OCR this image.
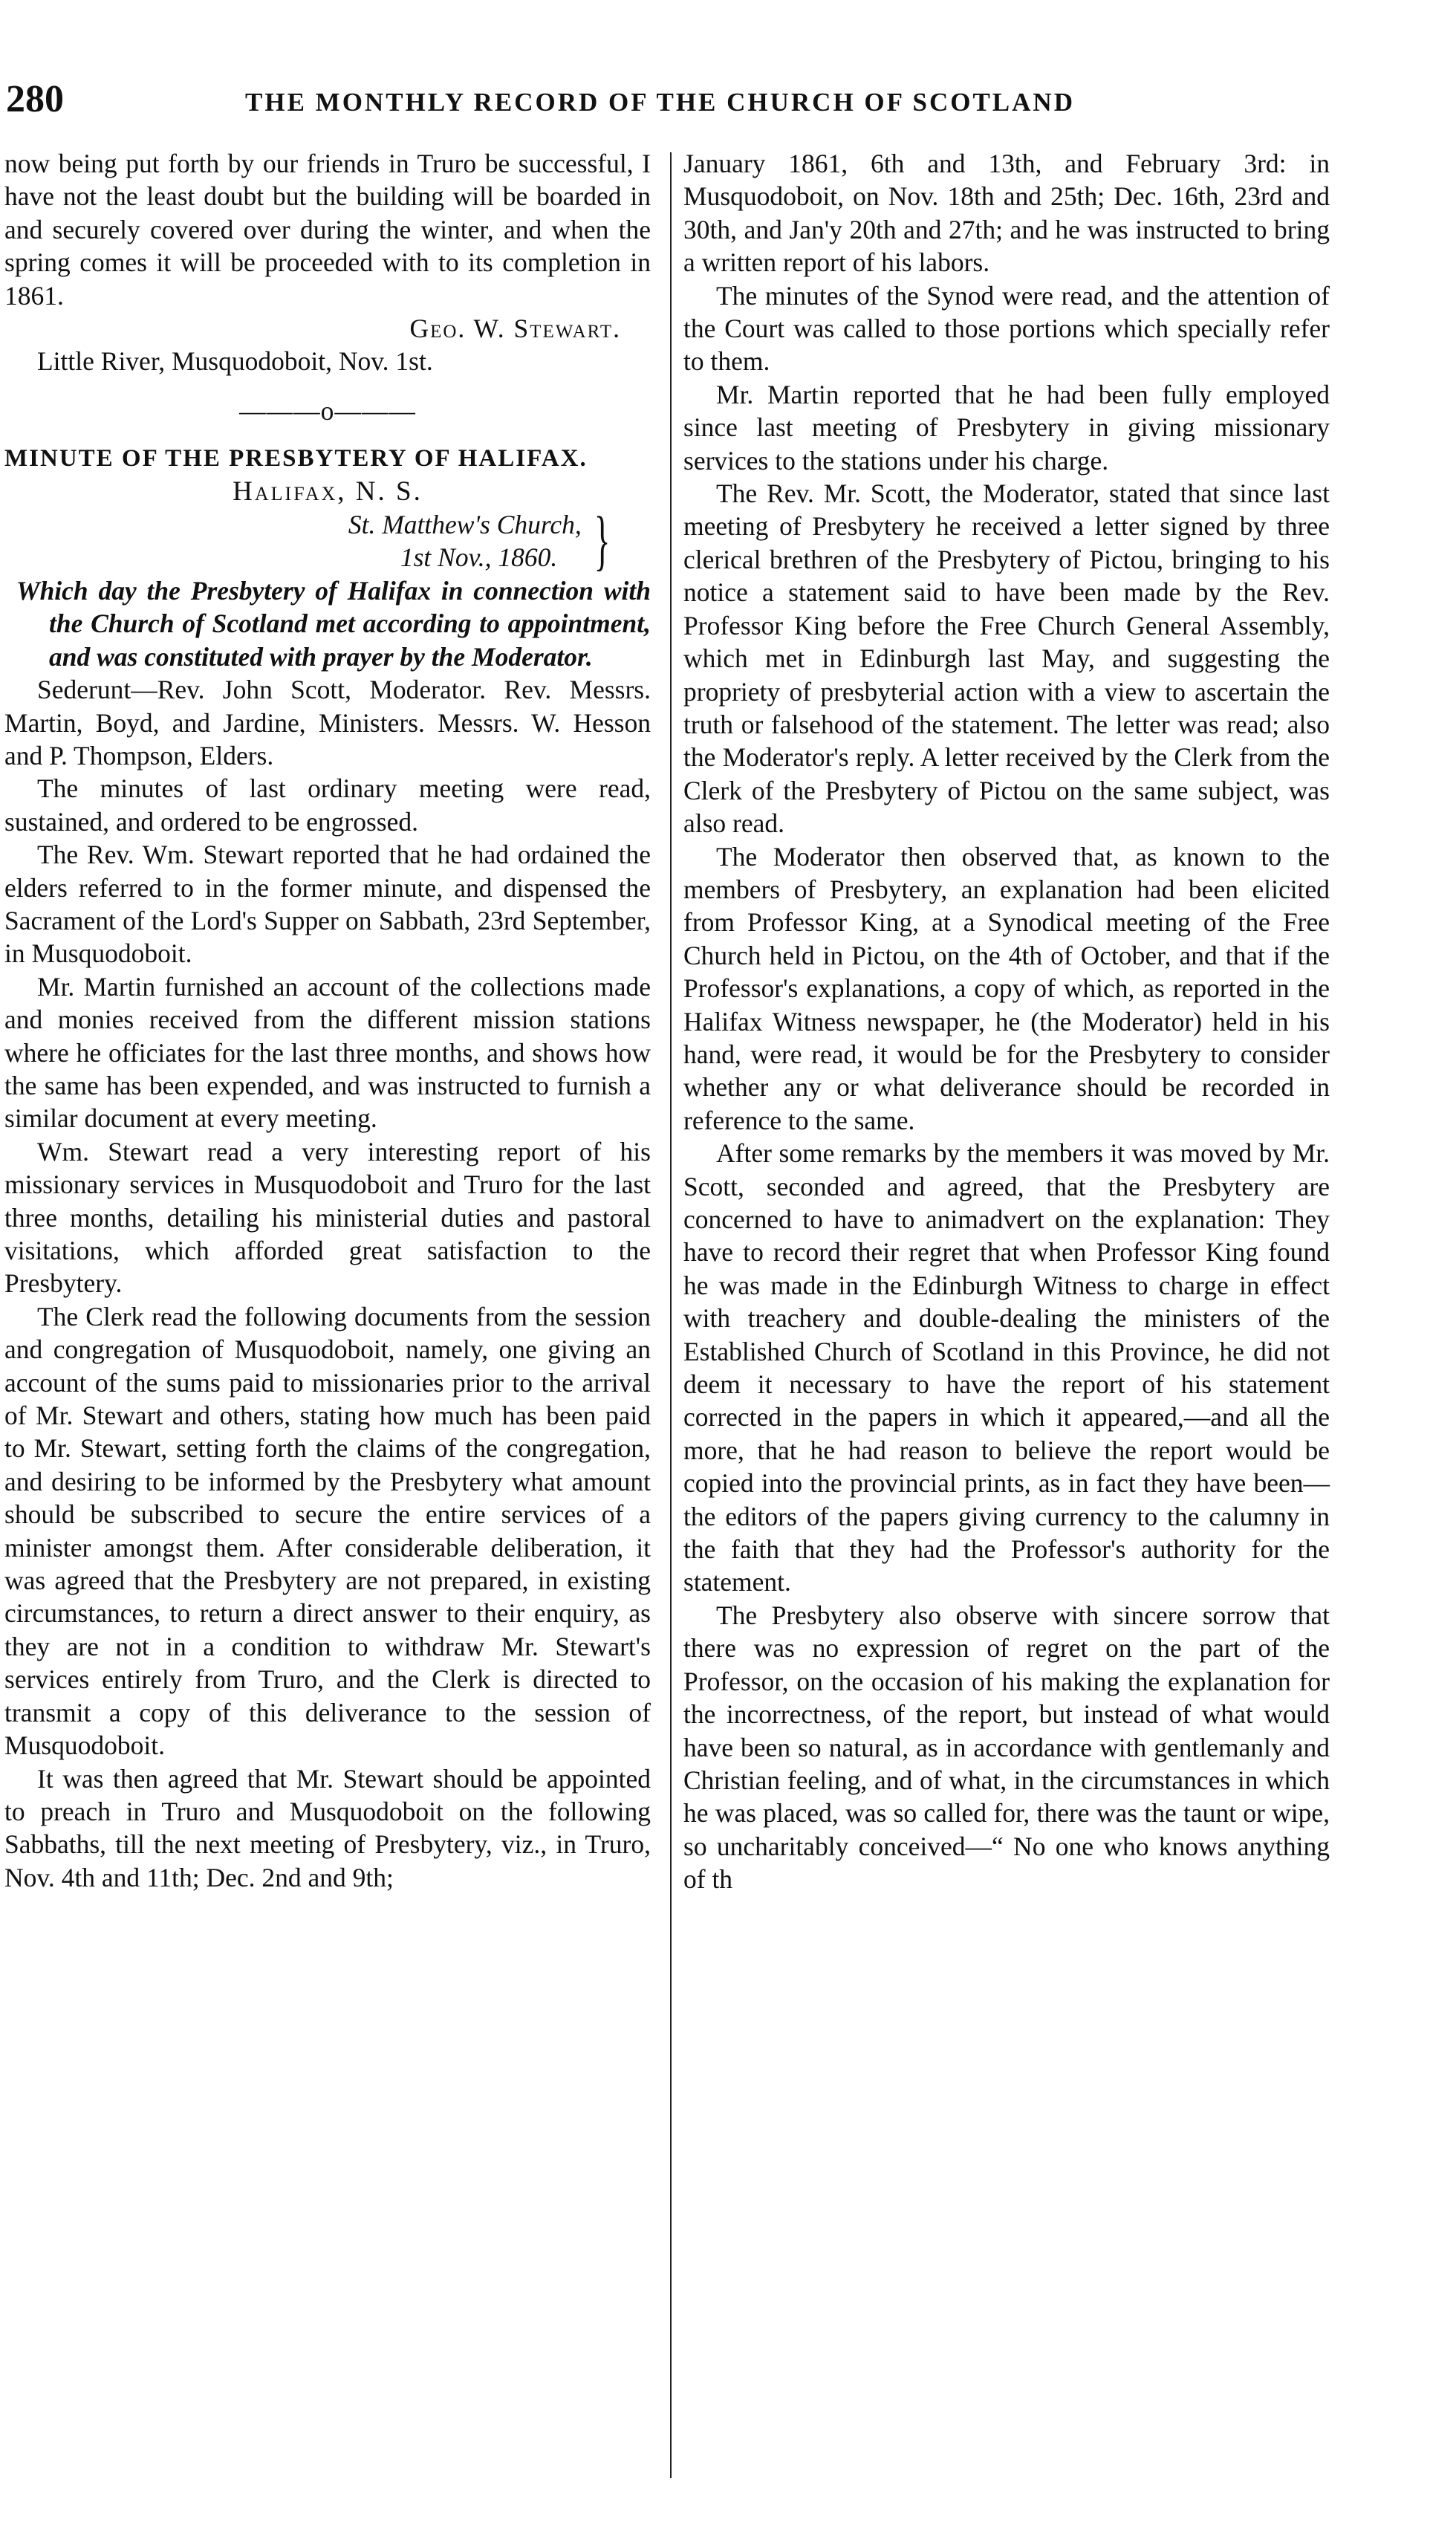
280	THE MONTHLY RECORD OF THE CHURCH OF SCOTLAND

now being put forth by our friends in Truro be successful, I have not the least doubt but the building will be boarded in and securely covered over during the winter, and when the spring comes it will be proceeded with to its completion in 1861.

Geo. W. Stewart.

Little River, Musquodoboit, Nov. 1st.

———o———
MINUTE OF THE PRESBYTERY OF HALIFAX.
Halifax, N. S.
St. Matthew's Church,
1st Nov., 1860. }

Which day the Presbytery of Halifax in connection with the Church of Scotland met according to appointment, and was constituted with prayer by the Moderator.

Sederunt—Rev. John Scott, Moderator. Rev. Messrs. Martin, Boyd, and Jardine, Ministers. Messrs. W. Hesson and P. Thompson, Elders.

The minutes of last ordinary meeting were read, sustained, and ordered to be engrossed.

The Rev. Wm. Stewart reported that he had ordained the elders referred to in the former minute, and dispensed the Sacrament of the Lord's Supper on Sabbath, 23rd September, in Musquodoboit.

Mr. Martin furnished an account of the collections made and monies received from the different mission stations where he officiates for the last three months, and shows how the same has been expended, and was instructed to furnish a similar document at every meeting.

Wm. Stewart read a very interesting report of his missionary services in Musquodoboit and Truro for the last three months, detailing his ministerial duties and pastoral visitations, which afforded great satisfaction to the Presbytery.

The Clerk read the following documents from the session and congregation of Musquodoboit, namely, one giving an account of the sums paid to missionaries prior to the arrival of Mr. Stewart and others, stating how much has been paid to Mr. Stewart, setting forth the claims of the congregation, and desiring to be informed by the Presbytery what amount should be subscribed to secure the entire services of a minister amongst them. After considerable deliberation, it was agreed that the Presbytery are not prepared, in existing circumstances, to return a direct answer to their enquiry, as they are not in a condition to withdraw Mr. Stewart's services entirely from Truro, and the Clerk is directed to transmit a copy of this deliverance to the session of Musquodoboit.

It was then agreed that Mr. Stewart should be appointed to preach in Truro and Musquodoboit on the following Sabbaths, till the next meeting of Presbytery, viz., in Truro, Nov. 4th and 11th; Dec. 2nd and 9th;

January 1861, 6th and 13th, and February 3rd: in Musquodoboit, on Nov. 18th and 25th; Dec. 16th, 23rd and 30th, and Jan'y 20th and 27th; and he was instructed to bring a written report of his labors.

The minutes of the Synod were read, and the attention of the Court was called to those portions which specially refer to them.

Mr. Martin reported that he had been fully employed since last meeting of Presbytery in giving missionary services to the stations under his charge.

The Rev. Mr. Scott, the Moderator, stated that since last meeting of Presbytery he received a letter signed by three clerical brethren of the Presbytery of Pictou, bringing to his notice a statement said to have been made by the Rev. Professor King before the Free Church General Assembly, which met in Edinburgh last May, and suggesting the propriety of presbyterial action with a view to ascertain the truth or falsehood of the statement. The letter was read; also the Moderator's reply. A letter received by the Clerk from the Clerk of the Presbytery of Pictou on the same subject, was also read.

The Moderator then observed that, as known to the members of Presbytery, an explanation had been elicited from Professor King, at a Synodical meeting of the Free Church held in Pictou, on the 4th of October, and that if the Professor's explanations, a copy of which, as reported in the Halifax Witness newspaper, he (the Moderator) held in his hand, were read, it would be for the Presbytery to consider whether any or what deliverance should be recorded in reference to the same.

After some remarks by the members it was moved by Mr. Scott, seconded and agreed, that the Presbytery are concerned to have to animadvert on the explanation: They have to record their regret that when Professor King found he was made in the Edinburgh Witness to charge in effect with treachery and double-dealing the ministers of the Established Church of Scotland in this Province, he did not deem it necessary to have the report of his statement corrected in the papers in which it appeared,—and all the more, that he had reason to believe the report would be copied into the provincial prints, as in fact they have been—the editors of the papers giving currency to the calumny in the faith that they had the Professor's authority for the statement.

The Presbytery also observe with sincere sorrow that there was no expression of regret on the part of the Professor, on the occasion of his making the explanation for the incorrectness, of the report, but instead of what would have been so natural, as in accordance with gentlemanly and Christian feeling, and of what, in the circumstances in which he was placed, was so called for, there was the taunt or wipe, so uncharitably conceived—“ No one who knows anything of th
